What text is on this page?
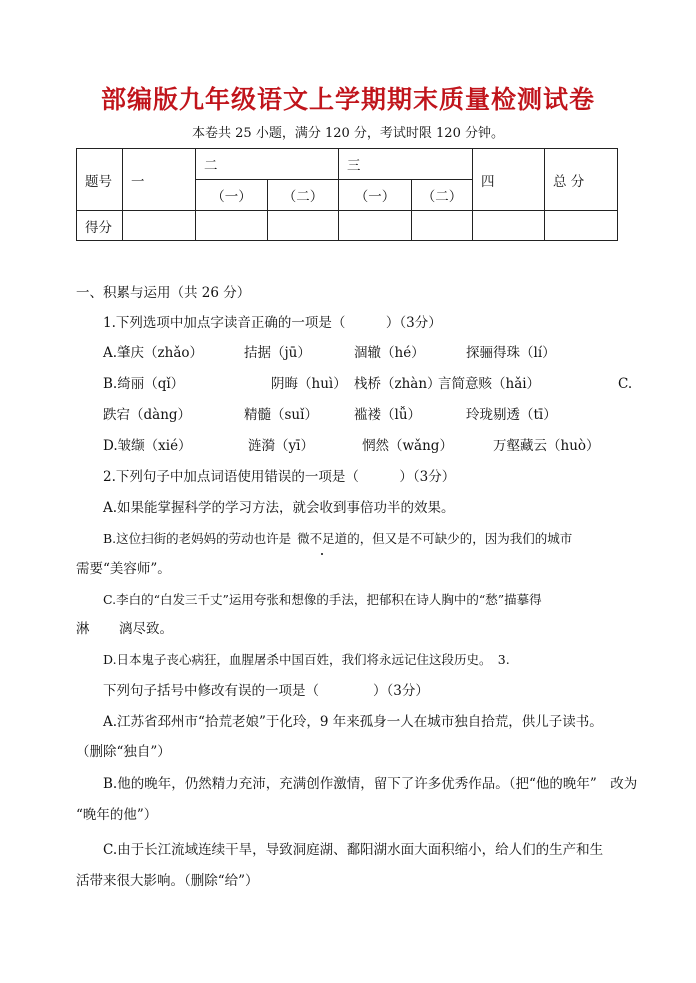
部编版九年级语文上学期期末质量检测试卷
本卷共 25 小题，满分 120 分，考试时限 120 分钟。
题号	一	二		三		四	总 分
		（一）	（二）	（一）	（二）		
得分							
一、积累与运用（共 26 分）
1.下列选项中加点字读音正确的一项是（　　　）（3分）
A.肇庆（zhǎo）	拮据（jū）	涸辙（hé）	探骊得珠（lí）
B.绮丽（qǐ）	阴晦（huì） 栈桥（zhàn）
言简意赅（hǎi）	C.
跌宕（dàng）	精髓（suǐ）	褴褛（lǚ）	玲珑剔透（tī）
D.皱缬（xié）	涟漪（yī）	惘然（wǎng）	万壑藏云（huò）
2.下列句子中加点词语使用错误的一项是（　　　）（3分）
A.如果能掌握科学的学习方法，就会收到事倍功半的效果。
B.这位扫街的老妈妈的劳动也许是 微不足道的，但又是不可缺少的，因为我们的城市
需要“美容师”。
C.李白的“白发三千丈”运用夸张和想像的手法，把郁积在诗人胸中的“愁”描摹得
淋 漓尽致。
D.日本鬼子丧心病狂，血腥屠杀中国百姓，我们将永远记住这段历史。　3.
下列句子括号中修改有误的一项是（　　　　）（3分）
A.江苏省邳州市“拾荒老娘”于化玲，9 年来孤身一人在城市独自拾荒，供儿子读书。
（删除“独自”）
B.他的晚年，仍然精力充沛，充满创作激情，留下了许多优秀作品。（把“他的晚年”　改为
“晚年的他”）
C.由于长江流域连续干旱，导致洞庭湖、鄱阳湖水面大面积缩小，给人们的生产和生
活带来很大影响。（删除“给”）
